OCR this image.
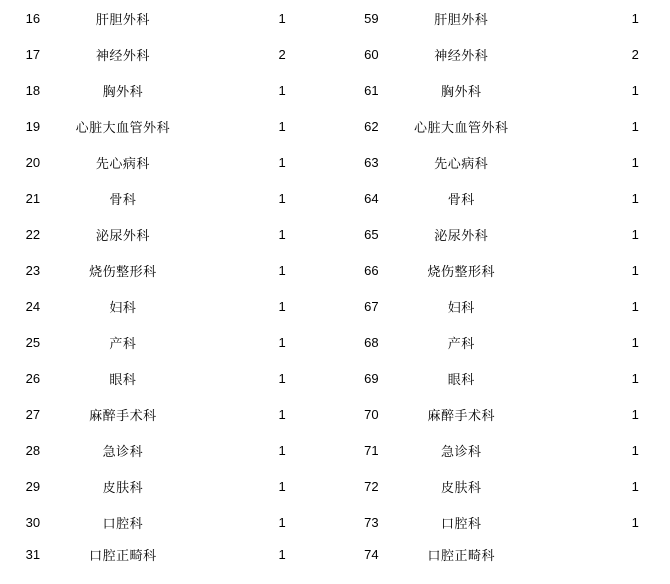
16	肝胆外科		1		59	肝胆外科		1
17	神经外科		2		60	神经外科		2
18	胸外科		1		61	胸外科		1
19	心脏大血管外科		1		62	心脏大血管外科		1
20	先心病科		1		63	先心病科		1
21	骨科		1		64	骨科		1
22	泌尿外科		1		65	泌尿外科		1
23	烧伤整形科		1		66	烧伤整形科		1
24	妇科		1		67	妇科		1
25	产科		1		68	产科		1
26	眼科		1		69	眼科		1
27	麻醉手术科		1		70	麻醉手术科		1
28	急诊科		1		71	急诊科		1
29	皮肤科		1		72	皮肤科		1
30	口腔科		1		73	口腔科		1
31	口腔正畸科		1		74	口腔正畸科		
